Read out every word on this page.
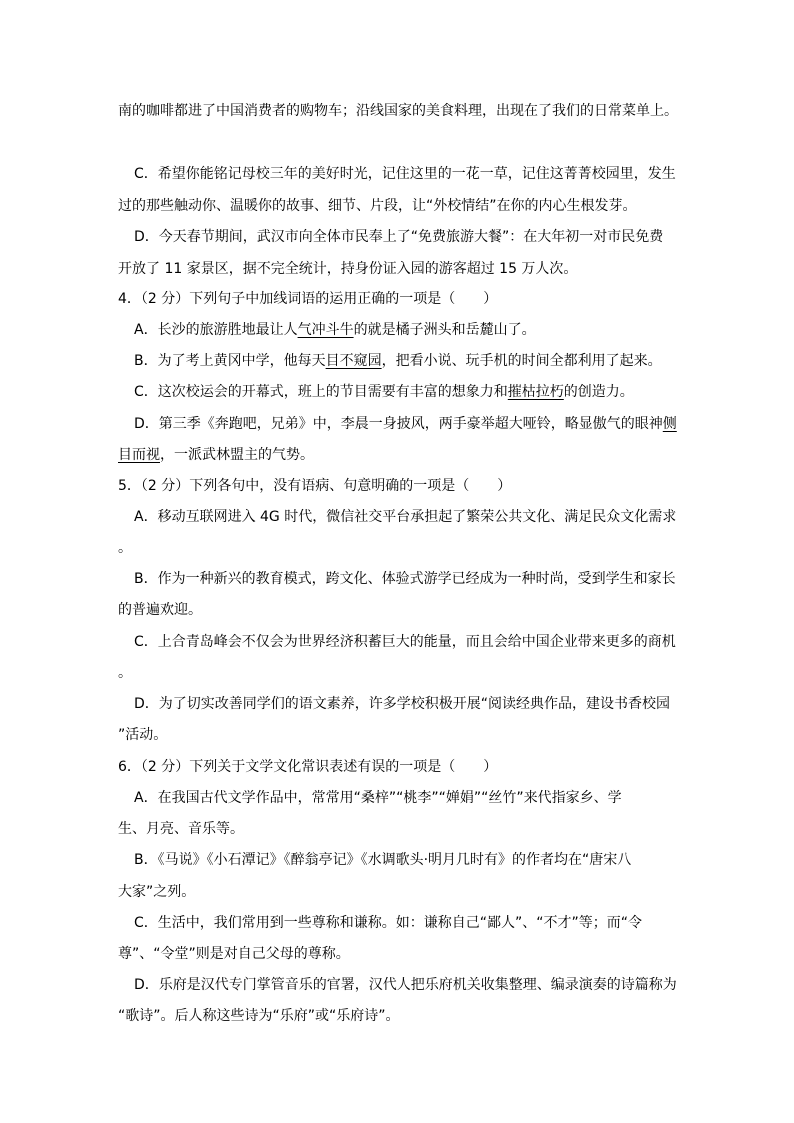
南的咖啡都进了中国消费者的购物车；沿线国家的美食料理，出现在了我们的日常菜单上。
C．希望你能铭记母校三年的美好时光，记住这里的一花一草，记住这菁菁校园里，发生
过的那些触动你、温暖你的故事、细节、片段，让“外校情结”在你的内心生根发芽。
D．今天春节期间，武汉市向全体市民奉上了“免费旅游大餐”：在大年初一对市民免费
开放了 11 家景区，据不完全统计，持身份证入园的游客超过 15 万人次。
4．（2 分）下列句子中加线词语的运用正确的一项是（　　）
A．长沙的旅游胜地最让人气冲斗牛的就是橘子洲头和岳麓山了。
B．为了考上黄冈中学，他每天目不窥园，把看小说、玩手机的时间全都利用了起来。
C．这次校运会的开幕式，班上的节目需要有丰富的想象力和摧枯拉朽的创造力。
D．第三季《奔跑吧，兄弟》中，李晨一身披风，两手豪举超大哑铃，略显傲气的眼神侧
目而视，一派武林盟主的气势。
5．（2 分）下列各句中，没有语病、句意明确的一项是（　　）
A．移动互联网进入 4G 时代，微信社交平台承担起了繁荣公共文化、满足民众文化需求
。
B．作为一种新兴的教育模式，跨文化、体验式游学已经成为一种时尚，受到学生和家长
的普遍欢迎。
C．上合青岛峰会不仅会为世界经济积蓄巨大的能量，而且会给中国企业带来更多的商机
。
D．为了切实改善同学们的语文素养，许多学校积极开展“阅读经典作品，建设书香校园
”活动。
6．（2 分）下列关于文学文化常识表述有误的一项是（　　）
A．在我国古代文学作品中，常常用“桑梓”“桃李”“婵娟”“丝竹”来代指家乡、学
生、月亮、音乐等。
B．《马说》《小石潭记》《醉翁亭记》《水调歌头·明月几时有》的作者均在“唐宋八
大家”之列。
C．生活中，我们常用到一些尊称和谦称。如：谦称自己“鄙人”、“不才”等；而“令
尊”、“令堂”则是对自己父母的尊称。
D．乐府是汉代专门掌管音乐的官署，汉代人把乐府机关收集整理、编录演奏的诗篇称为
“歌诗”。后人称这些诗为“乐府”或“乐府诗”。
